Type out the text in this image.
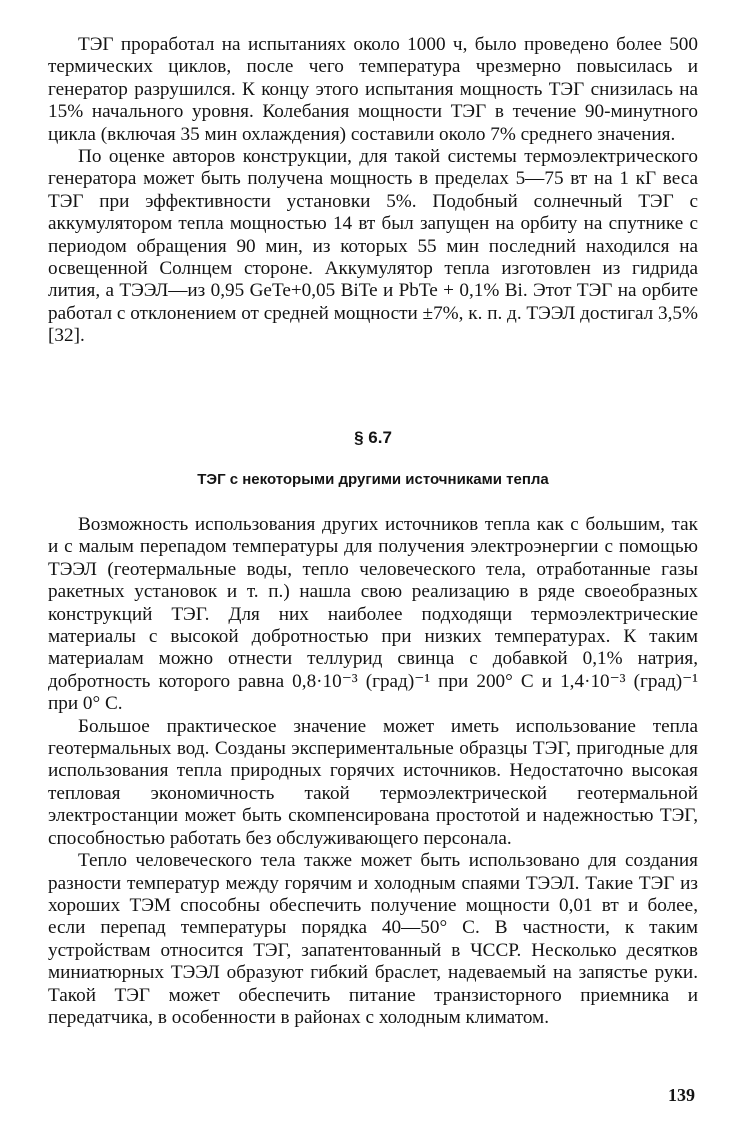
ТЭГ проработал на испытаниях около 1000 ч, было проведено более 500 термических циклов, после чего температура чрезмерно повысилась и генератор разрушился. К концу этого испытания мощность ТЭГ снизилась на 15% начального уровня. Колебания мощности ТЭГ в течение 90-минутного цикла (включая 35 мин охлаждения) составили около 7% среднего значения.

По оценке авторов конструкции, для такой системы термоэлектрического генератора может быть получена мощность в пределах 5—75 вт на 1 кГ веса ТЭГ при эффективности установки 5%. Подобный солнечный ТЭГ с аккумулятором тепла мощностью 14 вт был запущен на орбиту на спутнике с периодом обращения 90 мин, из которых 55 мин последний находился на освещенной Солнцем стороне. Аккумулятор тепла изготовлен из гидрида лития, а ТЭЭЛ—из 0,95 GeTe+0,05 BiTe и PbTe + 0,1% Bi. Этот ТЭГ на орбите работал с отклонением от средней мощности ±7%, к. п. д. ТЭЭЛ достигал 3,5% [32].

§ 6.7
ТЭГ с некоторыми другими источниками тепла

Возможность использования других источников тепла как с большим, так и с малым перепадом температуры для получения электроэнергии с помощью ТЭЭЛ (геотермальные воды, тепло человеческого тела, отработанные газы ракетных установок и т. п.) нашла свою реализацию в ряде своеобразных конструкций ТЭГ. Для них наиболее подходящи термоэлектрические материалы с высокой добротностью при низких температурах. К таким материалам можно отнести теллурид свинца с добавкой 0,1% натрия, добротность которого равна 0,8·10⁻³ (град)⁻¹ при 200° С и 1,4·10⁻³ (град)⁻¹ при 0° С.

Большое практическое значение может иметь использование тепла геотермальных вод. Созданы экспериментальные образцы ТЭГ, пригодные для использования тепла природных горячих источников. Недостаточно высокая тепловая экономичность такой термоэлектрической геотермальной электростанции может быть скомпенсирована простотой и надежностью ТЭГ, способностью работать без обслуживающего персонала.

Тепло человеческого тела также может быть использовано для создания разности температур между горячим и холодным спаями ТЭЭЛ. Такие ТЭГ из хороших ТЭМ способны обеспечить получение мощности 0,01 вт и более, если перепад температуры порядка 40—50° С. В частности, к таким устройствам относится ТЭГ, запатентованный в ЧССР. Несколько десятков миниатюрных ТЭЭЛ образуют гибкий браслет, надеваемый на запястье руки. Такой ТЭГ может обеспечить питание транзисторного приемника и передатчика, в особенности в районах с холодным климатом.

139
